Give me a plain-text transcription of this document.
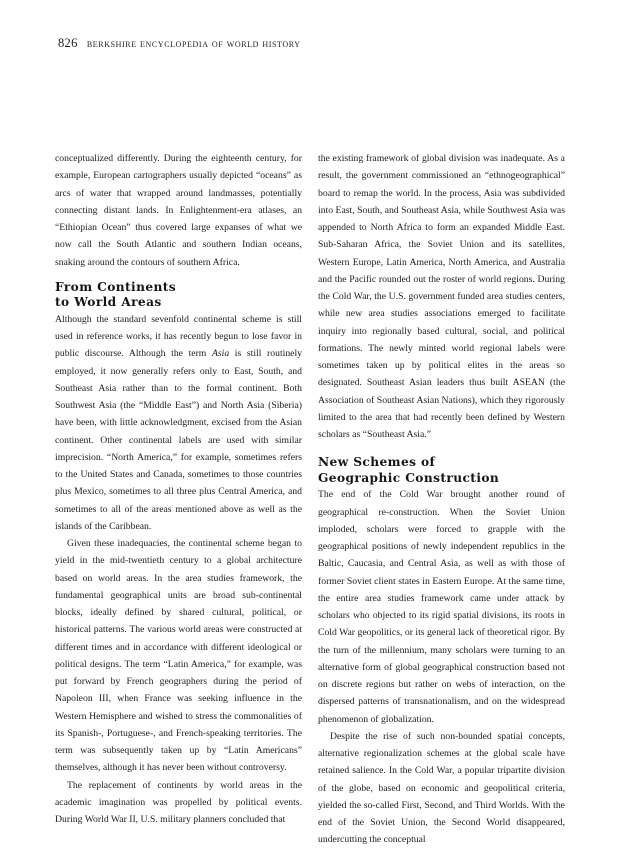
826 berkshire encyclopedia of world history

conceptualized differently. During the eighteenth century, for example, European cartographers usually depicted “oceans” as arcs of water that wrapped around landmasses, potentially connecting distant lands. In Enlightenment-era atlases, an “Ethiopian Ocean” thus covered large expanses of what we now call the South Atlantic and southern Indian oceans, snaking around the contours of southern Africa.

From Continents
to World Areas

Although the standard sevenfold continental scheme is still used in reference works, it has recently begun to lose favor in public discourse. Although the term Asia is still routinely employed, it now generally refers only to East, South, and Southeast Asia rather than to the formal continent. Both Southwest Asia (the “Middle East”) and North Asia (Siberia) have been, with little acknowledgment, excised from the Asian continent. Other continental labels are used with similar imprecision. “North America,” for example, sometimes refers to the United States and Canada, sometimes to those countries plus Mexico, sometimes to all three plus Central America, and sometimes to all of the areas mentioned above as well as the islands of the Caribbean.

Given these inadequacies, the continental scheme began to yield in the mid-twentieth century to a global architecture based on world areas. In the area studies framework, the fundamental geographical units are broad sub-continental blocks, ideally defined by shared cultural, political, or historical patterns. The various world areas were constructed at different times and in accordance with different ideological or political designs. The term “Latin America,” for example, was put forward by French geographers during the period of Napoleon III, when France was seeking influence in the Western Hemisphere and wished to stress the commonalities of its Spanish-, Portuguese-, and French-speaking territories. The term was subsequently taken up by “Latin Americans” themselves, although it has never been without controversy.

The replacement of continents by world areas in the academic imagination was propelled by political events. During World War II, U.S. military planners concluded that

the existing framework of global division was inadequate. As a result, the government commissioned an “ethnogeographical” board to remap the world. In the process, Asia was subdivided into East, South, and Southeast Asia, while Southwest Asia was appended to North Africa to form an expanded Middle East. Sub-Saharan Africa, the Soviet Union and its satellites, Western Europe, Latin America, North America, and Australia and the Pacific rounded out the roster of world regions. During the Cold War, the U.S. government funded area studies centers, while new area studies associations emerged to facilitate inquiry into regionally based cultural, social, and political formations. The newly minted world regional labels were sometimes taken up by political elites in the areas so designated. Southeast Asian leaders thus built ASEAN (the Association of Southeast Asian Nations), which they rigorously limited to the area that had recently been defined by Western scholars as “Southeast Asia.”

New Schemes of
Geographic Construction

The end of the Cold War brought another round of geographical re-construction. When the Soviet Union imploded, scholars were forced to grapple with the geographical positions of newly independent republics in the Baltic, Caucasia, and Central Asia, as well as with those of former Soviet client states in Eastern Europe. At the same time, the entire area studies framework came under attack by scholars who objected to its rigid spatial divisions, its roots in Cold War geopolitics, or its general lack of theoretical rigor. By the turn of the millennium, many scholars were turning to an alternative form of global geographical construction based not on discrete regions but rather on webs of interaction, on the dispersed patterns of transnationalism, and on the widespread phenomenon of globalization.

Despite the rise of such non-bounded spatial concepts, alternative regionalization schemes at the global scale have retained salience. In the Cold War, a popular tripartite division of the globe, based on economic and geopolitical criteria, yielded the so-called First, Second, and Third Worlds. With the end of the Soviet Union, the Second World disappeared, undercutting the conceptual
